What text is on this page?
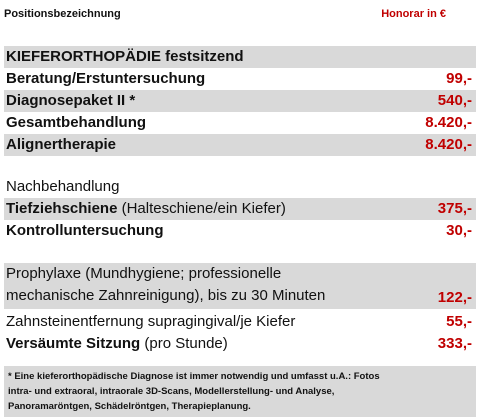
Positionsbezeichnung	Honorar in €
KIEFERORTHOPÄDIE festsitzend
Beratung/Erstuntersuchung	99,-
Diagnosepaket II *	540,-
Gesamtbehandlung	8.420,-
Alignertherapie	8.420,-
Nachbehandlung
Tiefziehschiene (Halteschiene/ein Kiefer)	375,-
Kontrolluntersuchung	30,-
Prophylaxe (Mundhygiene; professionelle
mechanische Zahnreinigung), bis zu 30 Minuten	122,-
Zahnsteinentfernung supragingival/je Kiefer	55,-
Versäumte Sitzung (pro Stunde)	333,-
* Eine kieferorthopädische Diagnose ist immer notwendig und umfasst u.A.: Fotos
intra- und extraoral, intraorale 3D-Scans, Modellerstellung- und Analyse,
Panoramaröntgen, Schädelröntgen, Therapieplanung.
